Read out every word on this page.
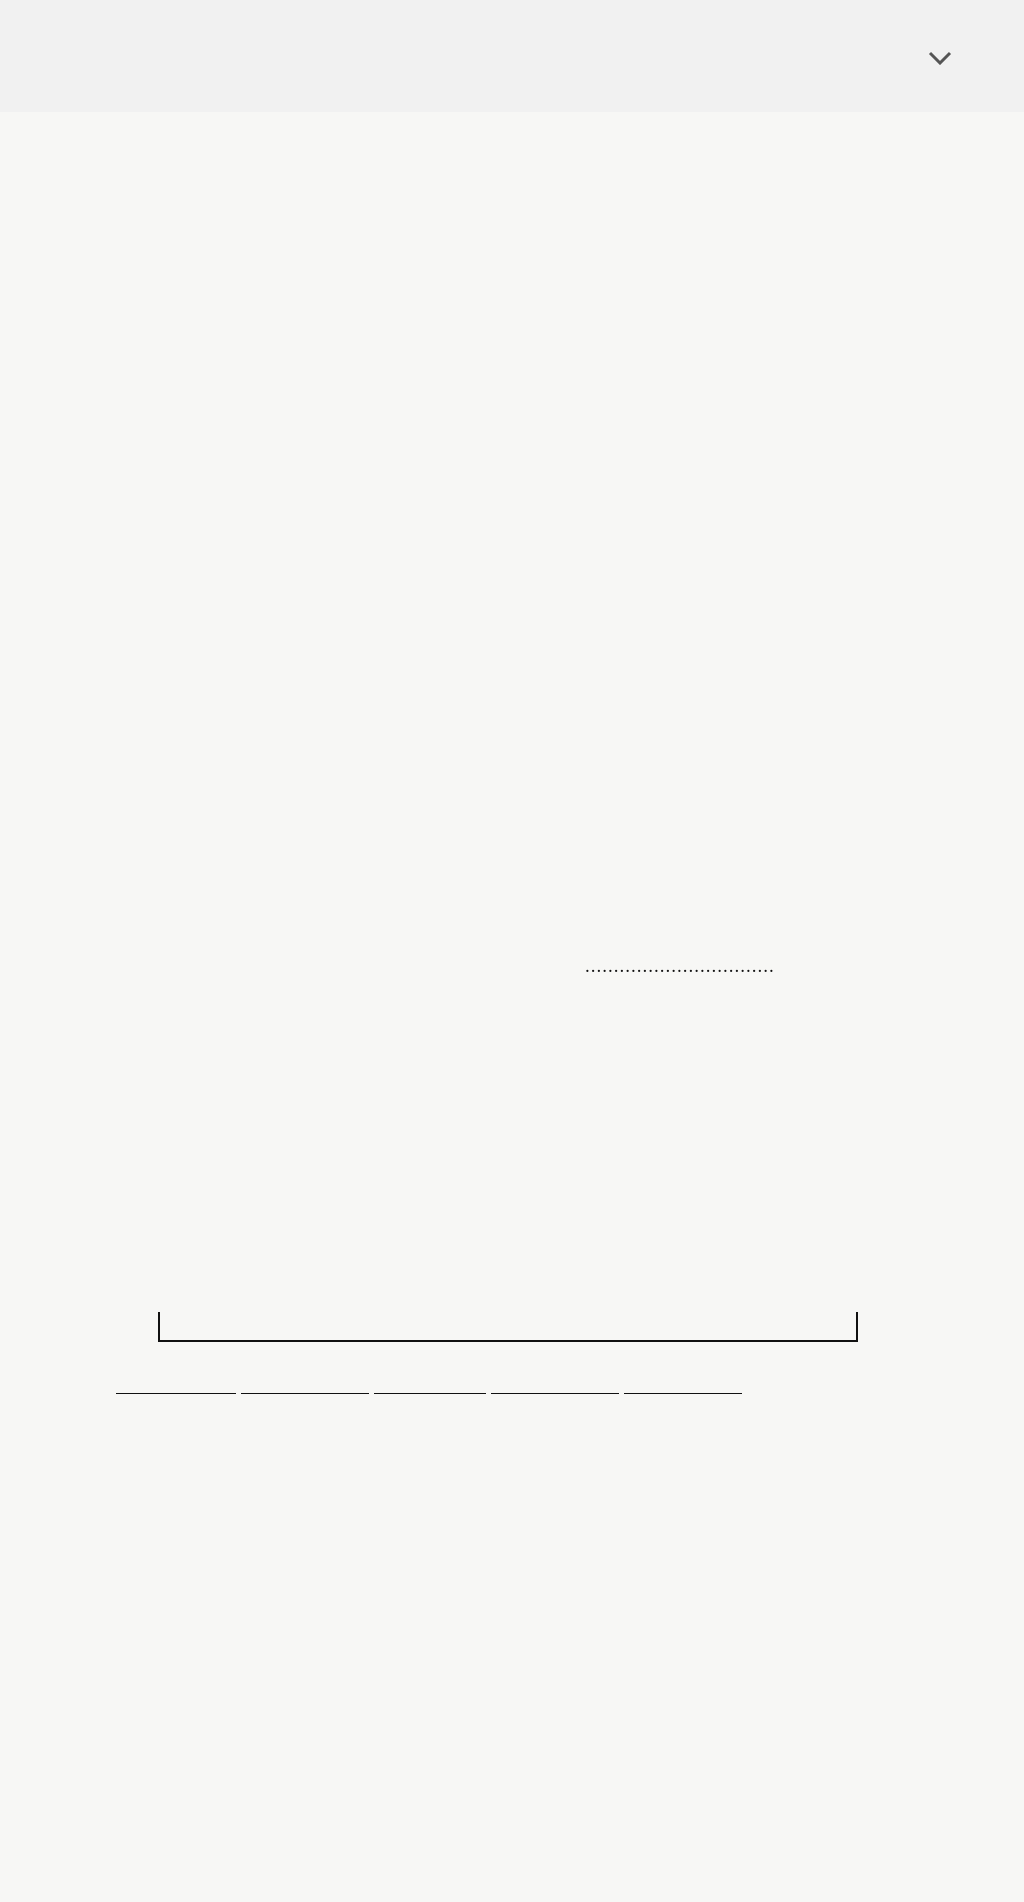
.................................
